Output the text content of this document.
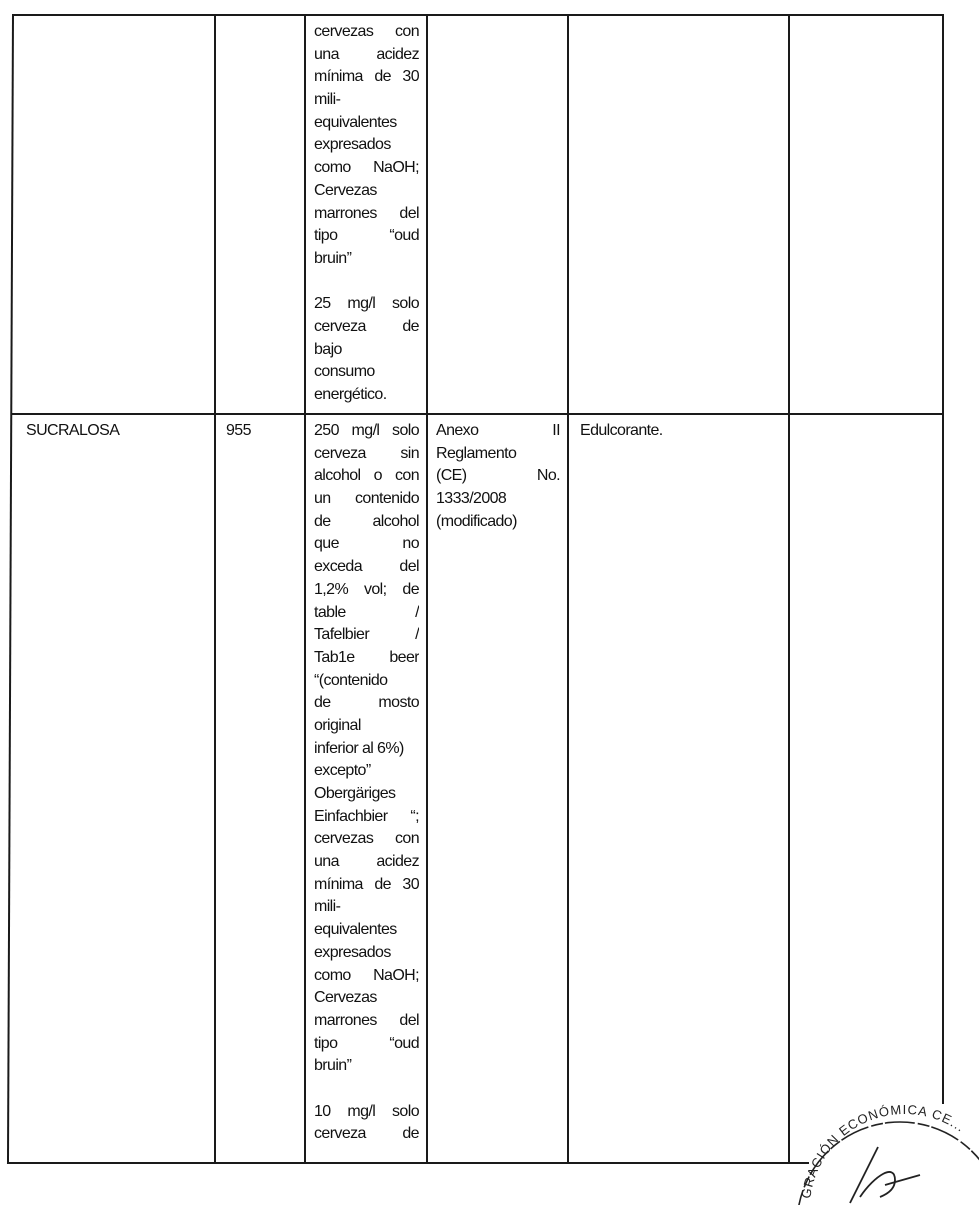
cervezas con
una acidez
mínima de 30
mili-
equivalentes
expresados
como NaOH;
Cervezas
marrones del
tipo “oud
bruin”

25 mg/l solo
cerveza de
bajo
consumo
energético.
SUCRALOSA	955	250 mg/l solo
cerveza sin
alcohol o con
un contenido
de alcohol
que no
exceda del
1,2% vol; de
table /
Tafelbier /
Tab1e beer
“(contenido
de mosto
original
inferior al 6%)
excepto”
Obergäriges
Einfachbier “;
cervezas con
una acidez
mínima de 30
mili-
equivalentes
expresados
como NaOH;
Cervezas
marrones del
tipo “oud
bruin”

10 mg/l solo
cerveza de
Anexo II
Reglamento
(CE) No.
1333/2008
(modificado)
Edulcorante.
GRACIÓN ECONÓMICA CE...
